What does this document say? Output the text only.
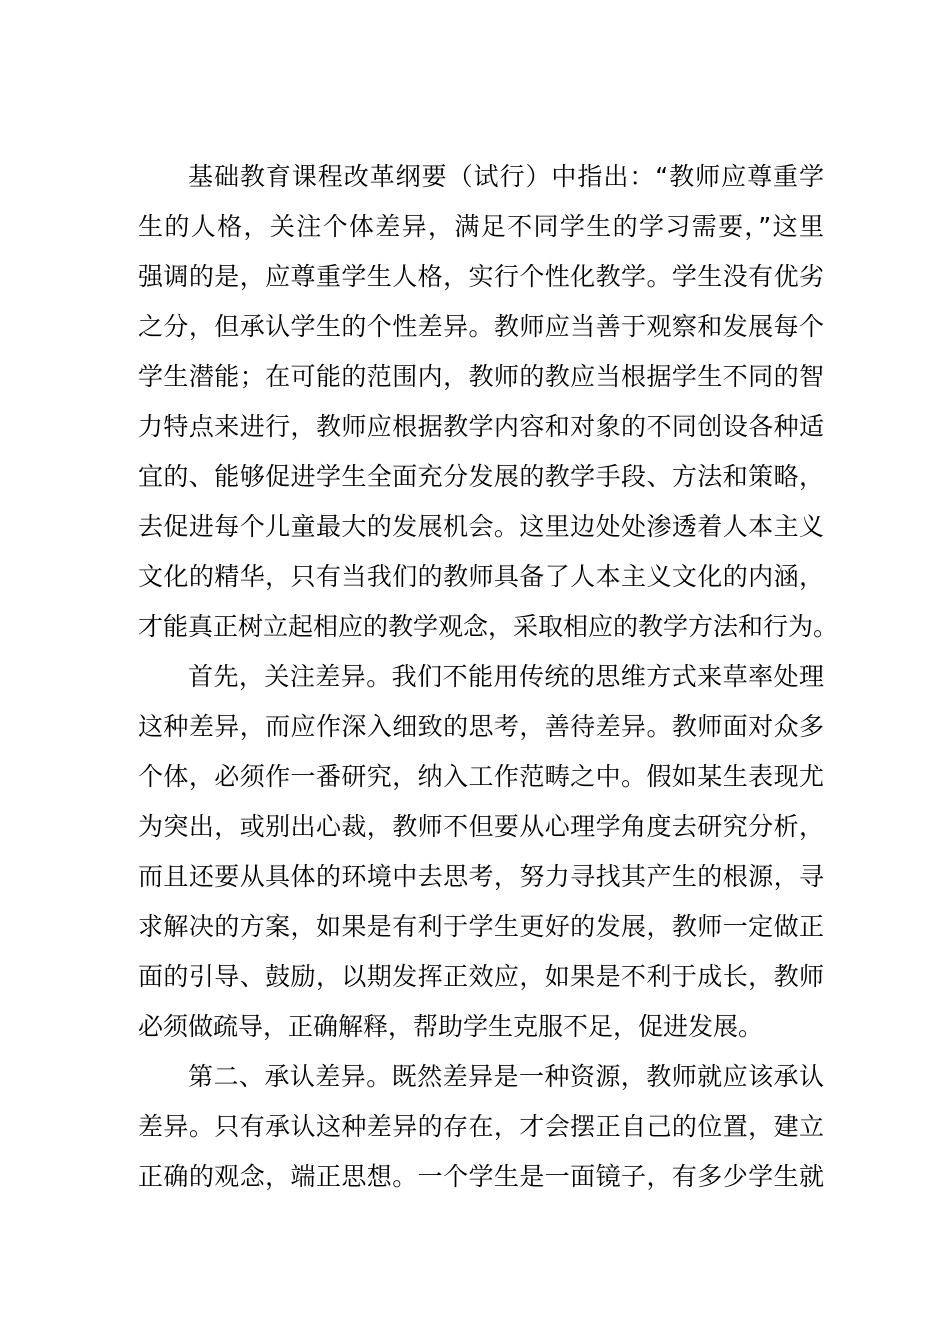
基础教育课程改革纲要（试行）中指出：“教师应尊重学
生的人格，关注个体差异，满足不同学生的学习需要，”这里
强调的是，应尊重学生人格，实行个性化教学。学生没有优劣
之分，但承认学生的个性差异。教师应当善于观察和发展每个
学生潜能；在可能的范围内，教师的教应当根据学生不同的智
力特点来进行，教师应根据教学内容和对象的不同创设各种适
宜的、能够促进学生全面充分发展的教学手段、方法和策略，
去促进每个儿童最大的发展机会。这里边处处渗透着人本主义
文化的精华，只有当我们的教师具备了人本主义文化的内涵，
才能真正树立起相应的教学观念，采取相应的教学方法和行为。
首先，关注差异。我们不能用传统的思维方式来草率处理
这种差异，而应作深入细致的思考，善待差异。教师面对众多
个体，必须作一番研究，纳入工作范畴之中。假如某生表现尤
为突出，或别出心裁，教师不但要从心理学角度去研究分析，
而且还要从具体的环境中去思考，努力寻找其产生的根源，寻
求解决的方案，如果是有利于学生更好的发展，教师一定做正
面的引导、鼓励，以期发挥正效应，如果是不利于成长，教师
必须做疏导，正确解释，帮助学生克服不足，促进发展。
第二、承认差异。既然差异是一种资源，教师就应该承认
差异。只有承认这种差异的存在，才会摆正自己的位置，建立
正确的观念，端正思想。一个学生是一面镜子，有多少学生就
